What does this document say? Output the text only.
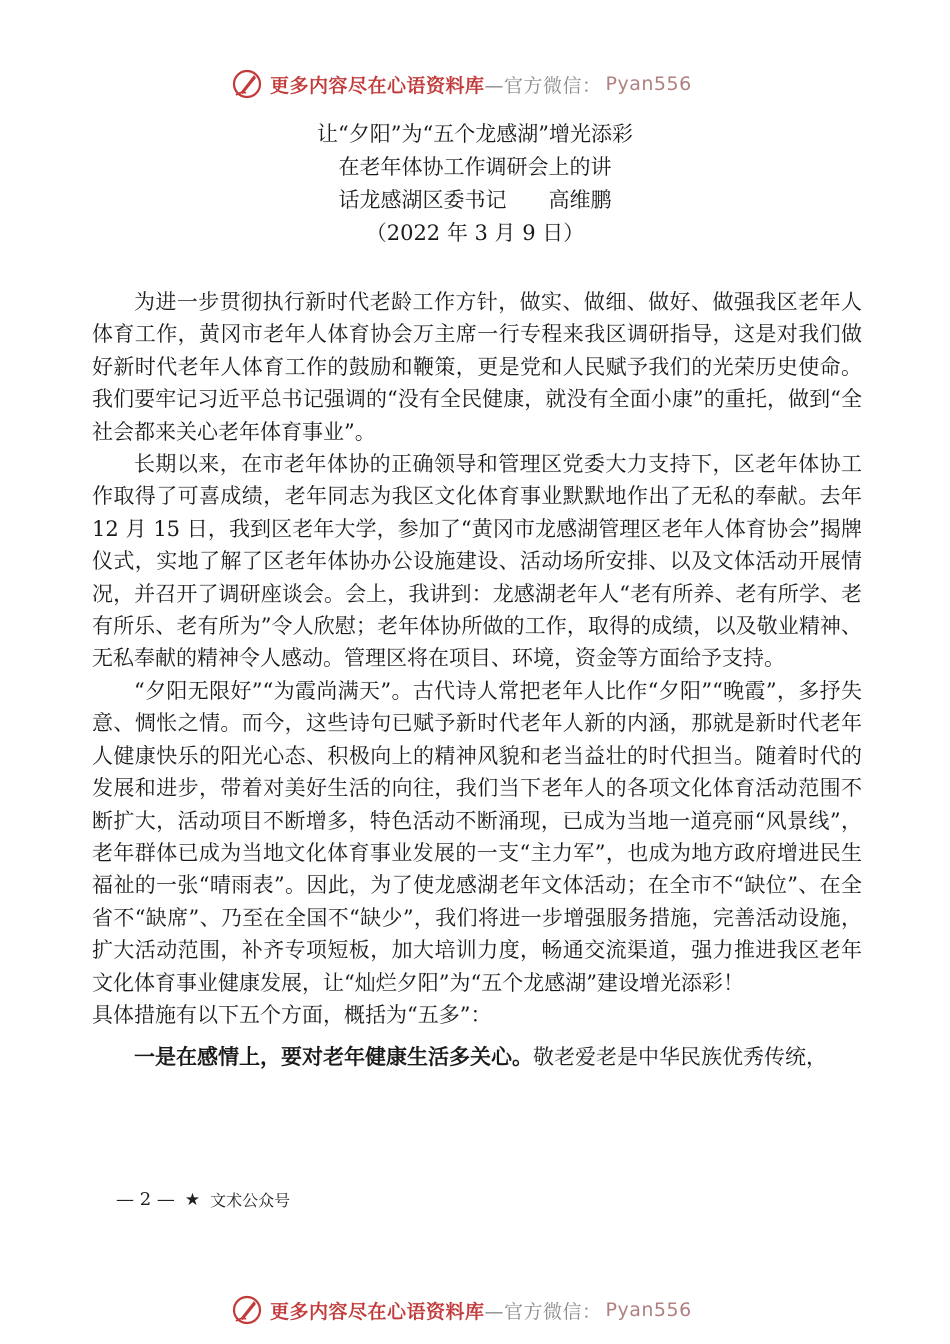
更多内容尽在心语资料库 —官方微信： Pyan556
让“夕阳”为“五个龙感湖”增光添彩
在老年体协工作调研会上的讲
话龙感湖区委书记　　高维鹏
（2022 年 3 月 9 日）

为进一步贯彻执行新时代老龄工作方针，做实、做细、做好、做强我区老年人体育工作，黄冈市老年人体育协会万主席一行专程来我区调研指导，这是对我们做好新时代老年人体育工作的鼓励和鞭策，更是党和人民赋予我们的光荣历史使命。我们要牢记习近平总书记强调的“没有全民健康，就没有全面小康”的重托，做到“全社会都来关心老年体育事业”。

长期以来，在市老年体协的正确领导和管理区党委大力支持下，区老年体协工作取得了可喜成绩，老年同志为我区文化体育事业默默地作出了无私的奉献。去年 12 月 15 日，我到区老年大学，参加了“黄冈市龙感湖管理区老年人体育协会”揭牌仪式，实地了解了区老年体协办公设施建设、活动场所安排、以及文体活动开展情况，并召开了调研座谈会。会上，我讲到：龙感湖老年人“老有所养、老有所学、老有所乐、老有所为”令人欣慰；老年体协所做的工作，取得的成绩，以及敬业精神、无私奉献的精神令人感动。管理区将在项目、环境，资金等方面给予支持。

“夕阳无限好”“为霞尚满天”。古代诗人常把老年人比作“夕阳”“晚霞”，多抒失意、惆怅之情。而今，这些诗句已赋予新时代老年人新的内涵，那就是新时代老年人健康快乐的阳光心态、积极向上的精神风貌和老当益壮的时代担当。随着时代的发展和进步，带着对美好生活的向往，我们当下老年人的各项文化体育活动范围不断扩大，活动项目不断增多，特色活动不断涌现，已成为当地一道亮丽“风景线”，老年群体已成为当地文化体育事业发展的一支“主力军”，也成为地方政府增进民生福祉的一张“晴雨表”。因此，为了使龙感湖老年文体活动；在全市不“缺位”、在全省不“缺席”、乃至在全国不“缺少”，我们将进一步增强服务措施，完善活动设施，扩大活动范围，补齐专项短板，加大培训力度，畅通交流渠道，强力推进我区老年文化体育事业健康发展，让“灿烂夕阳”为“五个龙感湖”建设增光添彩！

具体措施有以下五个方面，概括为“五多”：

一是在感情上，要对老年健康生活多关心。敬老爱老是中华民族优秀传统，

— 2 — ★ 文术公众号
更多内容尽在心语资料库 —官方微信： Pyan556
